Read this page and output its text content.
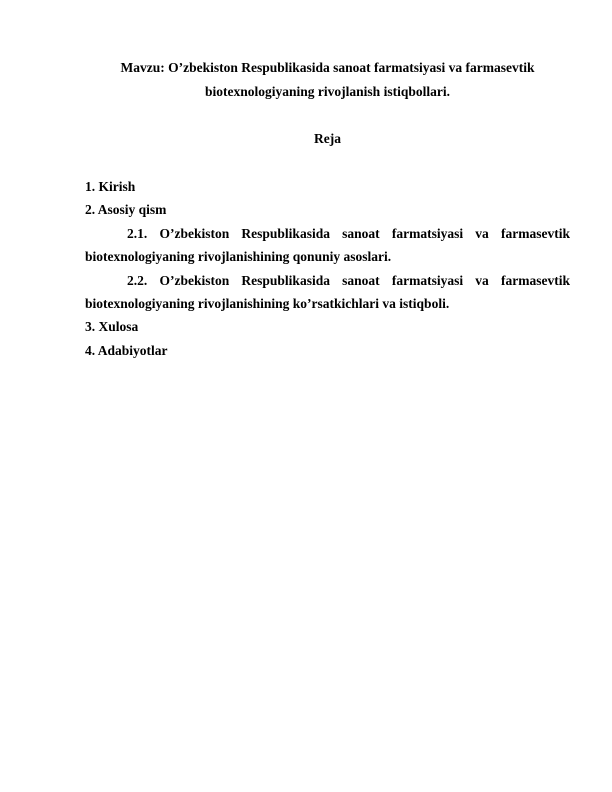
Mavzu: O’zbekiston Respublikasida sanoat farmatsiyasi va farmasevtik biotexnologiyaning rivojlanish istiqbollari.

Reja

1. Kirish
2. Asosiy qism
2.1. O’zbekiston Respublikasida sanoat farmatsiyasi va farmasevtik biotexnologiyaning rivojlanishining qonuniy asoslari.
2.2. O’zbekiston Respublikasida sanoat farmatsiyasi va farmasevtik biotexnologiyaning rivojlanishining ko’rsatkichlari va istiqboli.
3. Xulosa
4. Adabiyotlar
